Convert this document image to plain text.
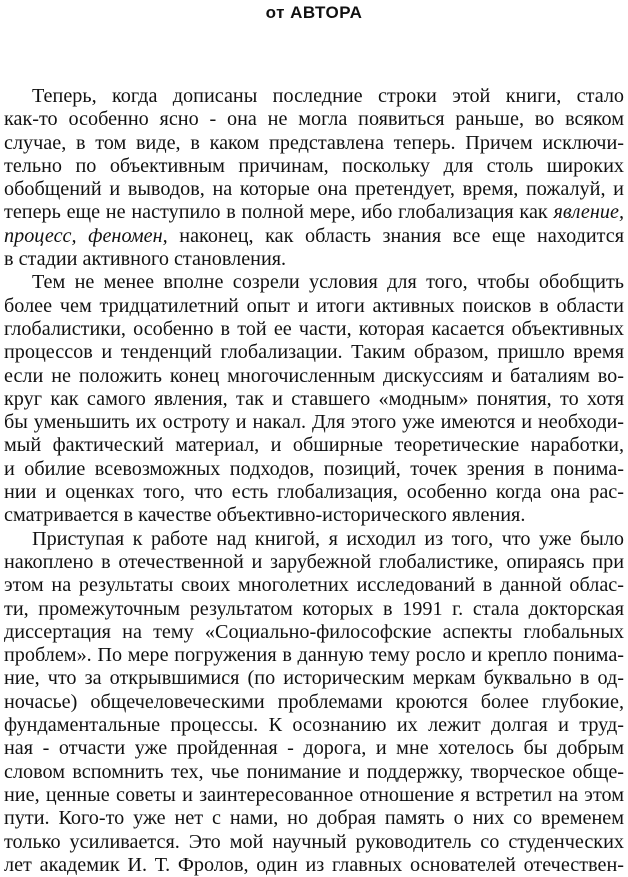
от АВТОРА
Теперь, когда дописаны последние строки этой книги, стало
как-то особенно ясно - она не могла появиться раньше, во всяком
случае, в том виде, в каком представлена теперь. Причем исключи-
тельно по объективным причинам, поскольку для столь широких
обобщений и выводов, на которые она претендует, время, пожалуй, и
теперь еще не наступило в полной мере, ибо глобализация как явление,
процесс, феномен, наконец, как область знания все еще находится
в стадии активного становления.
Тем не менее вполне созрели условия для того, чтобы обобщить
более чем тридцатилетний опыт и итоги активных поисков в области
глобалистики, особенно в той ее части, которая касается объективных
процессов и тенденций глобализации. Таким образом, пришло время
если не положить конец многочисленным дискуссиям и баталиям во-
круг как самого явления, так и ставшего «модным» понятия, то хотя
бы уменьшить их остроту и накал. Для этого уже имеются и необходи-
мый фактический материал, и обширные теоретические наработки,
и обилие всевозможных подходов, позиций, точек зрения в понима-
нии и оценках того, что есть глобализация, особенно когда она рас-
сматривается в качестве объективно-исторического явления.
Приступая к работе над книгой, я исходил из того, что уже было
накоплено в отечественной и зарубежной глобалистике, опираясь при
этом на результаты своих многолетних исследований в данной облас-
ти, промежуточным результатом которых в 1991 г. стала докторская
диссертация на тему «Социально-философские аспекты глобальных
проблем». По мере погружения в данную тему росло и крепло понима-
ние, что за открывшимися (по историческим меркам буквально в од-
ночасье) общечеловеческими проблемами кроются более глубокие,
фундаментальные процессы. К осознанию их лежит долгая и труд-
ная - отчасти уже пройденная - дорога, и мне хотелось бы добрым
словом вспомнить тех, чье понимание и поддержку, творческое обще-
ние, ценные советы и заинтересованное отношение я встретил на этом
пути. Кого-то уже нет с нами, но добрая память о них со временем
только усиливается. Это мой научный руководитель со студенческих
лет академик И. Т. Фролов, один из главных основателей отечествен-
